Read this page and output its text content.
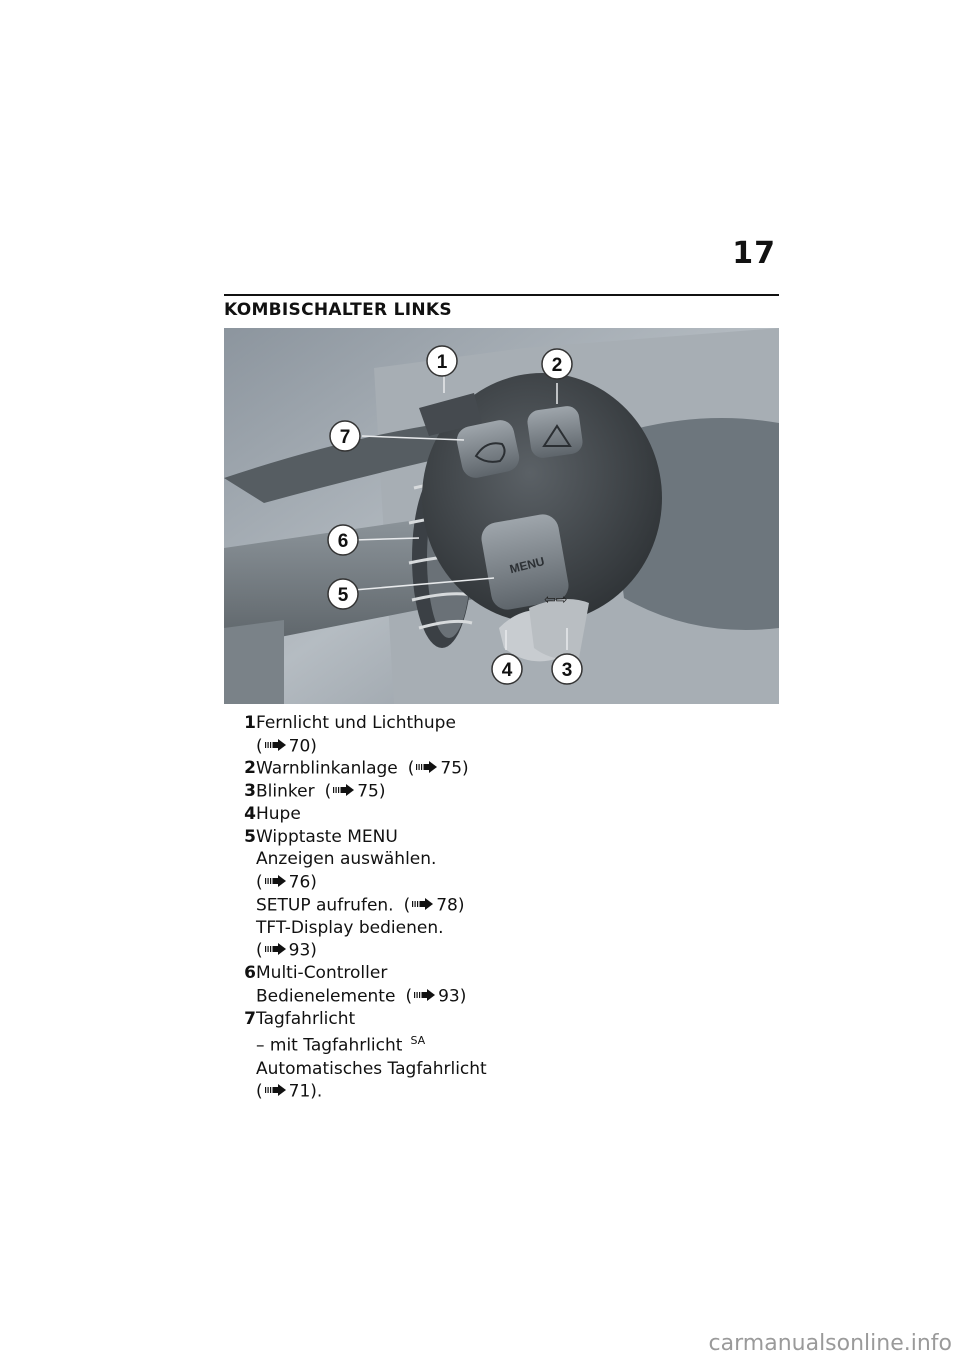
17
KOMBISCHALTER LINKS
MENU
⇦⇨
1	2
7
6
5
4	3
1 Fernlicht und Lichthupe
( 70)
2 Warnblinkanlage ( 75)
3 Blinker ( 75)
4 Hupe
5 Wipptaste MENU
Anzeigen auswählen.
( 76)
SETUP aufrufen. ( 78)
TFT-Display bedienen.
( 93)
6 Multi-Controller
Bedienelemente ( 93)
7 Tagfahrlicht
– mit Tagfahrlicht $^{SA}$
Automatisches Tagfahrlicht
( 71).
carmanualsonline.info
